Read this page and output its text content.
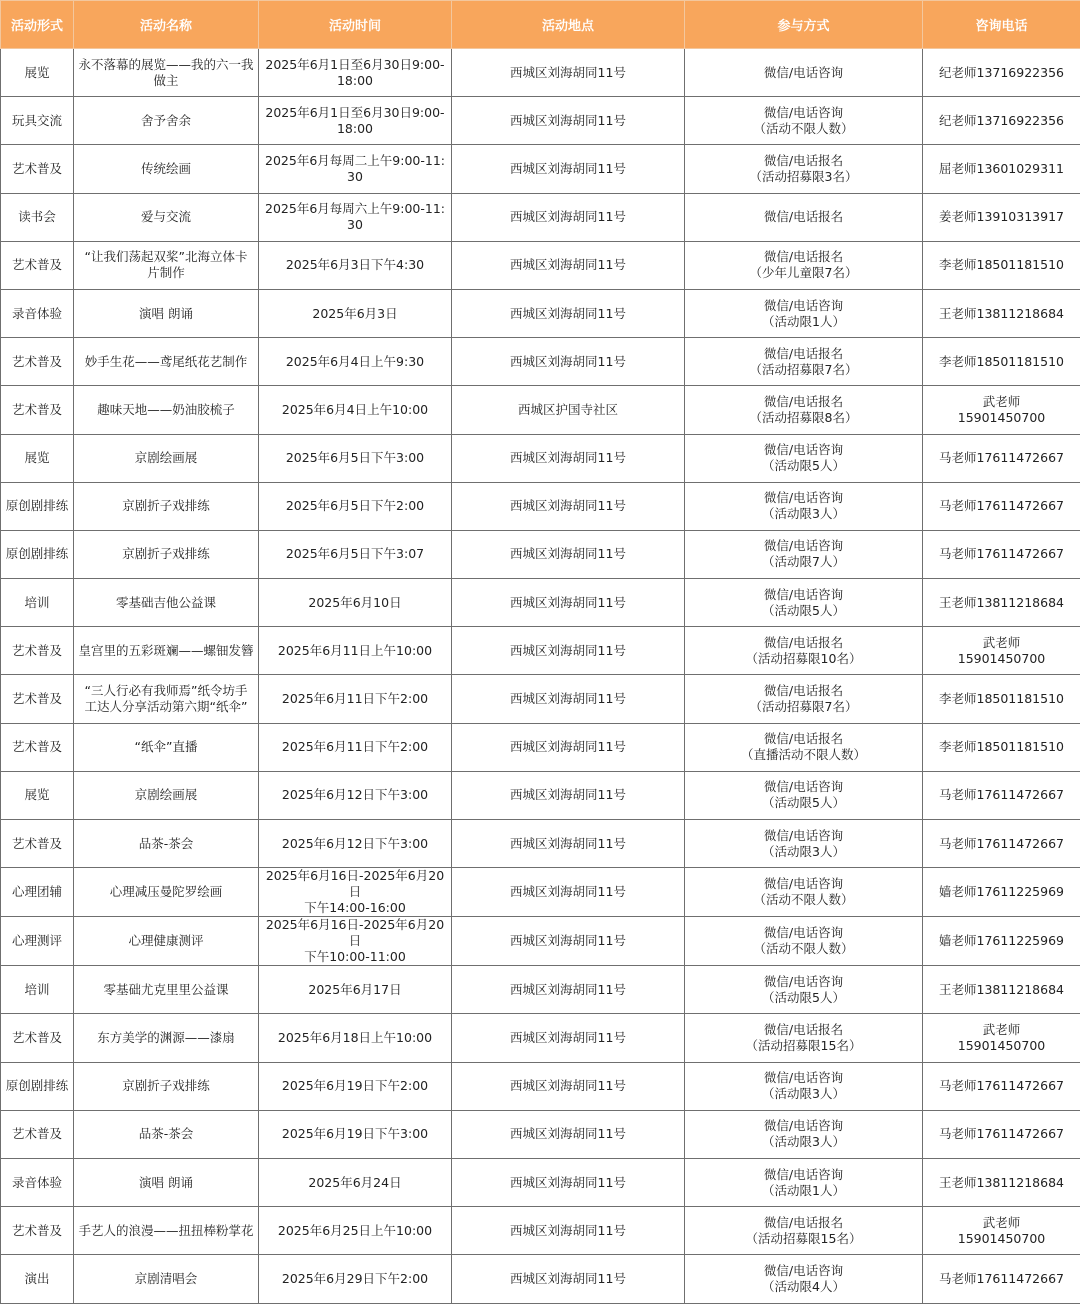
活动形式	活动名称	活动时间	活动地点	参与方式	咨询电话
展览	永不落幕的展览——我的六一我
做主	2025年6月1日至6月30日9:00-
18:00	西城区刘海胡同11号	微信/电话咨询	纪老师13716922356

玩具交流	舍予舍余	2025年6月1日至6月30日9:00-
18:00	西城区刘海胡同11号	微信/电话咨询
（活动不限人数）	纪老师13716922356

艺术普及	传统绘画	2025年6月每周二上午9:00-11:30	西城区刘海胡同11号	微信/电话报名
（活动招募限3名）	屈老师13601029311

读书会	爱与交流	2025年6月每周六上午9:00-11:30	西城区刘海胡同11号	微信/电话报名	姜老师13910313917

艺术普及	“让我们荡起双桨”北海立体卡
片制作	2025年6月3日下午4:30	西城区刘海胡同11号	微信/电话报名
（少年儿童限7名）	李老师18501181510

录音体验	演唱 朗诵	2025年6月3日	西城区刘海胡同11号	微信/电话咨询
（活动限1人）	王老师13811218684

艺术普及	妙手生花——鸢尾纸花艺制作	2025年6月4日上午9:30	西城区刘海胡同11号	微信/电话报名
（活动招募限7名）	李老师18501181510

艺术普及	趣味天地——奶油胶梳子	2025年6月4日上午10:00	西城区护国寺社区	微信/电话报名
（活动招募限8名）	武老师
15901450700

展览	京剧绘画展	2025年6月5日下午3:00	西城区刘海胡同11号	微信/电话咨询
（活动限5人）	马老师17611472667

原创剧排练	京剧折子戏排练	2025年6月5日下午2:00	西城区刘海胡同11号	微信/电话咨询
（活动限3人）	马老师17611472667

原创剧排练	京剧折子戏排练	2025年6月5日下午3:07	西城区刘海胡同11号	微信/电话咨询
（活动限7人）	马老师17611472667

培训	零基础吉他公益课	2025年6月10日	西城区刘海胡同11号	微信/电话咨询
（活动限5人）	王老师13811218684

艺术普及	皇宫里的五彩斑斓——螺钿发簪	2025年6月11日上午10:00	西城区刘海胡同11号	微信/电话报名
（活动招募限10名）	武老师
15901450700

艺术普及	“三人行必有我师焉”纸令坊手
工达人分享活动第六期“纸伞”	2025年6月11日下午2:00	西城区刘海胡同11号	微信/电话报名
（活动招募限7名）	李老师18501181510

艺术普及	“纸伞”直播	2025年6月11日下午2:00	西城区刘海胡同11号	微信/电话报名
（直播活动不限人数）	李老师18501181510

展览	京剧绘画展	2025年6月12日下午3:00	西城区刘海胡同11号	微信/电话咨询
（活动限5人）	马老师17611472667

艺术普及	品茶-茶会	2025年6月12日下午3:00	西城区刘海胡同11号	微信/电话咨询
（活动限3人）	马老师17611472667

心理团辅	心理减压曼陀罗绘画	2025年6月16日-2025年6月20日
下午14:00-16:00	西城区刘海胡同11号	微信/电话咨询
（活动不限人数）	嫱老师17611225969

心理测评	心理健康测评	2025年6月16日-2025年6月20日
下午10:00-11:00	西城区刘海胡同11号	微信/电话咨询
（活动不限人数）	嫱老师17611225969

培训	零基础尤克里里公益课	2025年6月17日	西城区刘海胡同11号	微信/电话咨询
（活动限5人）	王老师13811218684

艺术普及	东方美学的渊源——漆扇	2025年6月18日上午10:00	西城区刘海胡同11号	微信/电话报名
（活动招募限15名）	武老师
15901450700

原创剧排练	京剧折子戏排练	2025年6月19日下午2:00	西城区刘海胡同11号	微信/电话咨询
（活动限3人）	马老师17611472667

艺术普及	品茶-茶会	2025年6月19日下午3:00	西城区刘海胡同11号	微信/电话咨询
（活动限3人）	马老师17611472667

录音体验	演唱 朗诵	2025年6月24日	西城区刘海胡同11号	微信/电话咨询
（活动限1人）	王老师13811218684

艺术普及	手艺人的浪漫——扭扭棒粉掌花	2025年6月25日上午10:00	西城区刘海胡同11号	微信/电话报名
（活动招募限15名）	武老师
15901450700

演出	京剧清唱会	2025年6月29日下午2:00	西城区刘海胡同11号	微信/电话咨询
（活动限4人）	马老师17611472667
